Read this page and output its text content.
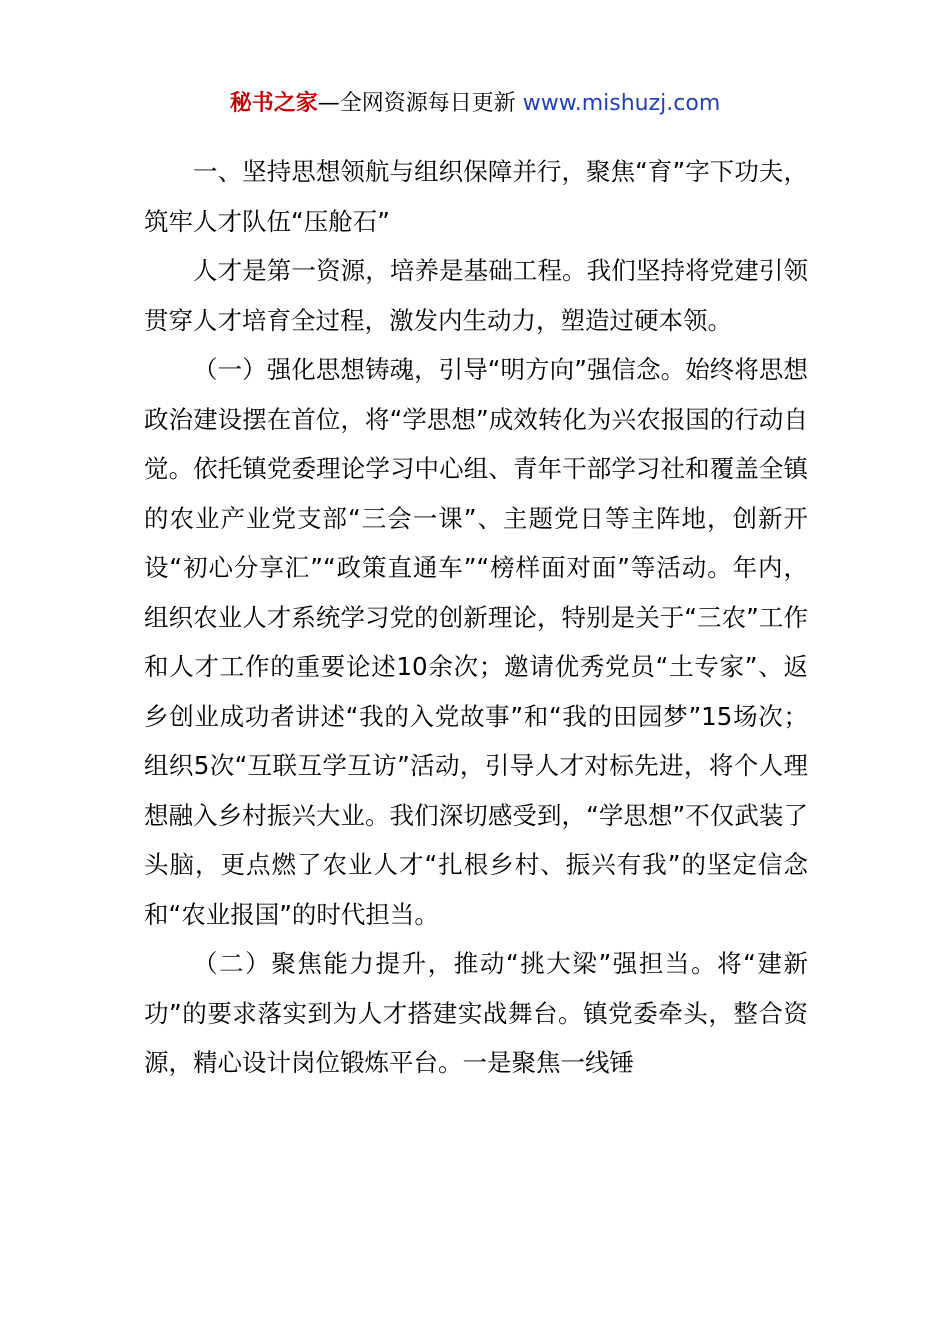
秘书之家—全网资源每日更新 www.mishuzj.com

一、坚持思想领航与组织保障并行，聚焦“育”字下功夫，筑牢人才队伍“压舱石”

人才是第一资源，培养是基础工程。我们坚持将党建引领贯穿人才培育全过程，激发内生动力，塑造过硬本领。

（一）强化思想铸魂，引导“明方向”强信念。始终将思想政治建设摆在首位，将“学思想”成效转化为兴农报国的行动自觉。依托镇党委理论学习中心组、青年干部学习社和覆盖全镇的农业产业党支部“三会一课”、主题党日等主阵地，创新开设“初心分享汇”“政策直通车”“榜样面对面”等活动。年内，组织农业人才系统学习党的创新理论，特别是关于“三农”工作和人才工作的重要论述10余次；邀请优秀党员“土专家”、返乡创业成功者讲述“我的入党故事”和“我的田园梦”15场次；组织5次“互联互学互访”活动，引导人才对标先进，将个人理想融入乡村振兴大业。我们深切感受到，“学思想”不仅武装了头脑，更点燃了农业人才“扎根乡村、振兴有我”的坚定信念和“农业报国”的时代担当。

（二）聚焦能力提升，推动“挑大梁”强担当。将“建新功”的要求落实到为人才搭建实战舞台。镇党委牵头，整合资源，精心设计岗位锻炼平台。一是聚焦一线锤
